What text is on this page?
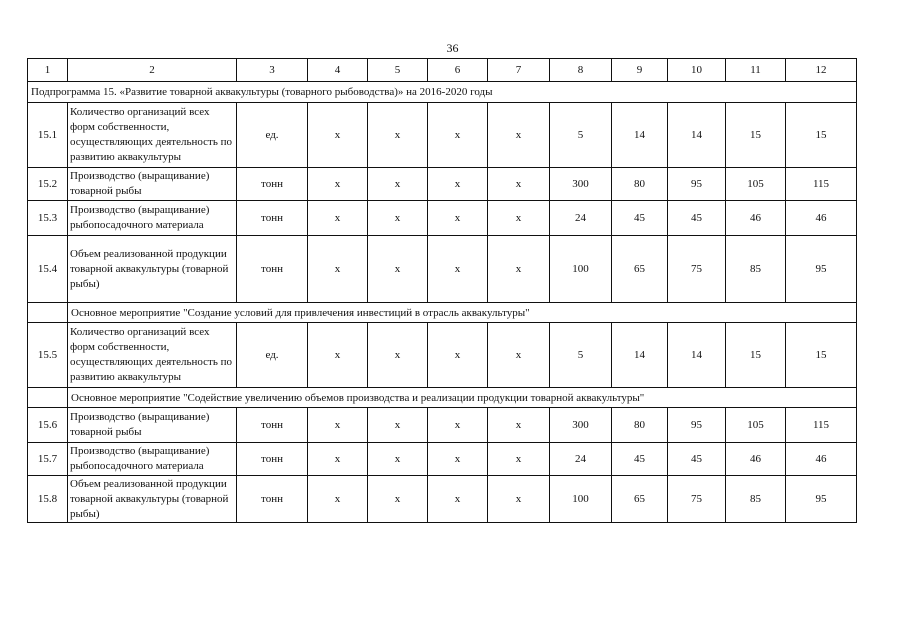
36
1	2	3	4	5	6	7	8	9	10	11	12
Подпрограмма 15. «Развитие товарной аквакультуры (товарного рыбоводства)» на 2016-2020 годы											
15.1	Количество организаций всех форм собственности, осуществляющих деятельность по развитию аквакультуры	ед.	х	х	х	х	5	14	14	15	15
15.2	Производство (выращивание) товарной рыбы	тонн	х	х	х	х	300	80	95	105	115
15.3	Производство (выращивание) рыбопосадочного материала	тонн	х	х	х	х	24	45	45	46	46
15.4	Объем реализованной продукции товарной аквакультуры (товарной рыбы)	тонн	х	х	х	х	100	65	75	85	95
	Основное мероприятие "Создание условий для привлечения инвестиций в отрасль аквакультуры"										
15.5	Количество организаций всех форм собственности, осуществляющих деятельность по развитию аквакультуры	ед.	х	х	х	х	5	14	14	15	15
	Основное мероприятие "Содействие увеличению объемов производства и реализации продукции товарной аквакультуры"										
15.6	Производство (выращивание) товарной рыбы	тонн	х	х	х	х	300	80	95	105	115
15.7	Производство (выращивание) рыбопосадочного материала	тонн	х	х	х	х	24	45	45	46	46
15.8	Объем реализованной продукции товарной аквакультуры (товарной рыбы)	тонн	х	х	х	х	100	65	75	85	95
